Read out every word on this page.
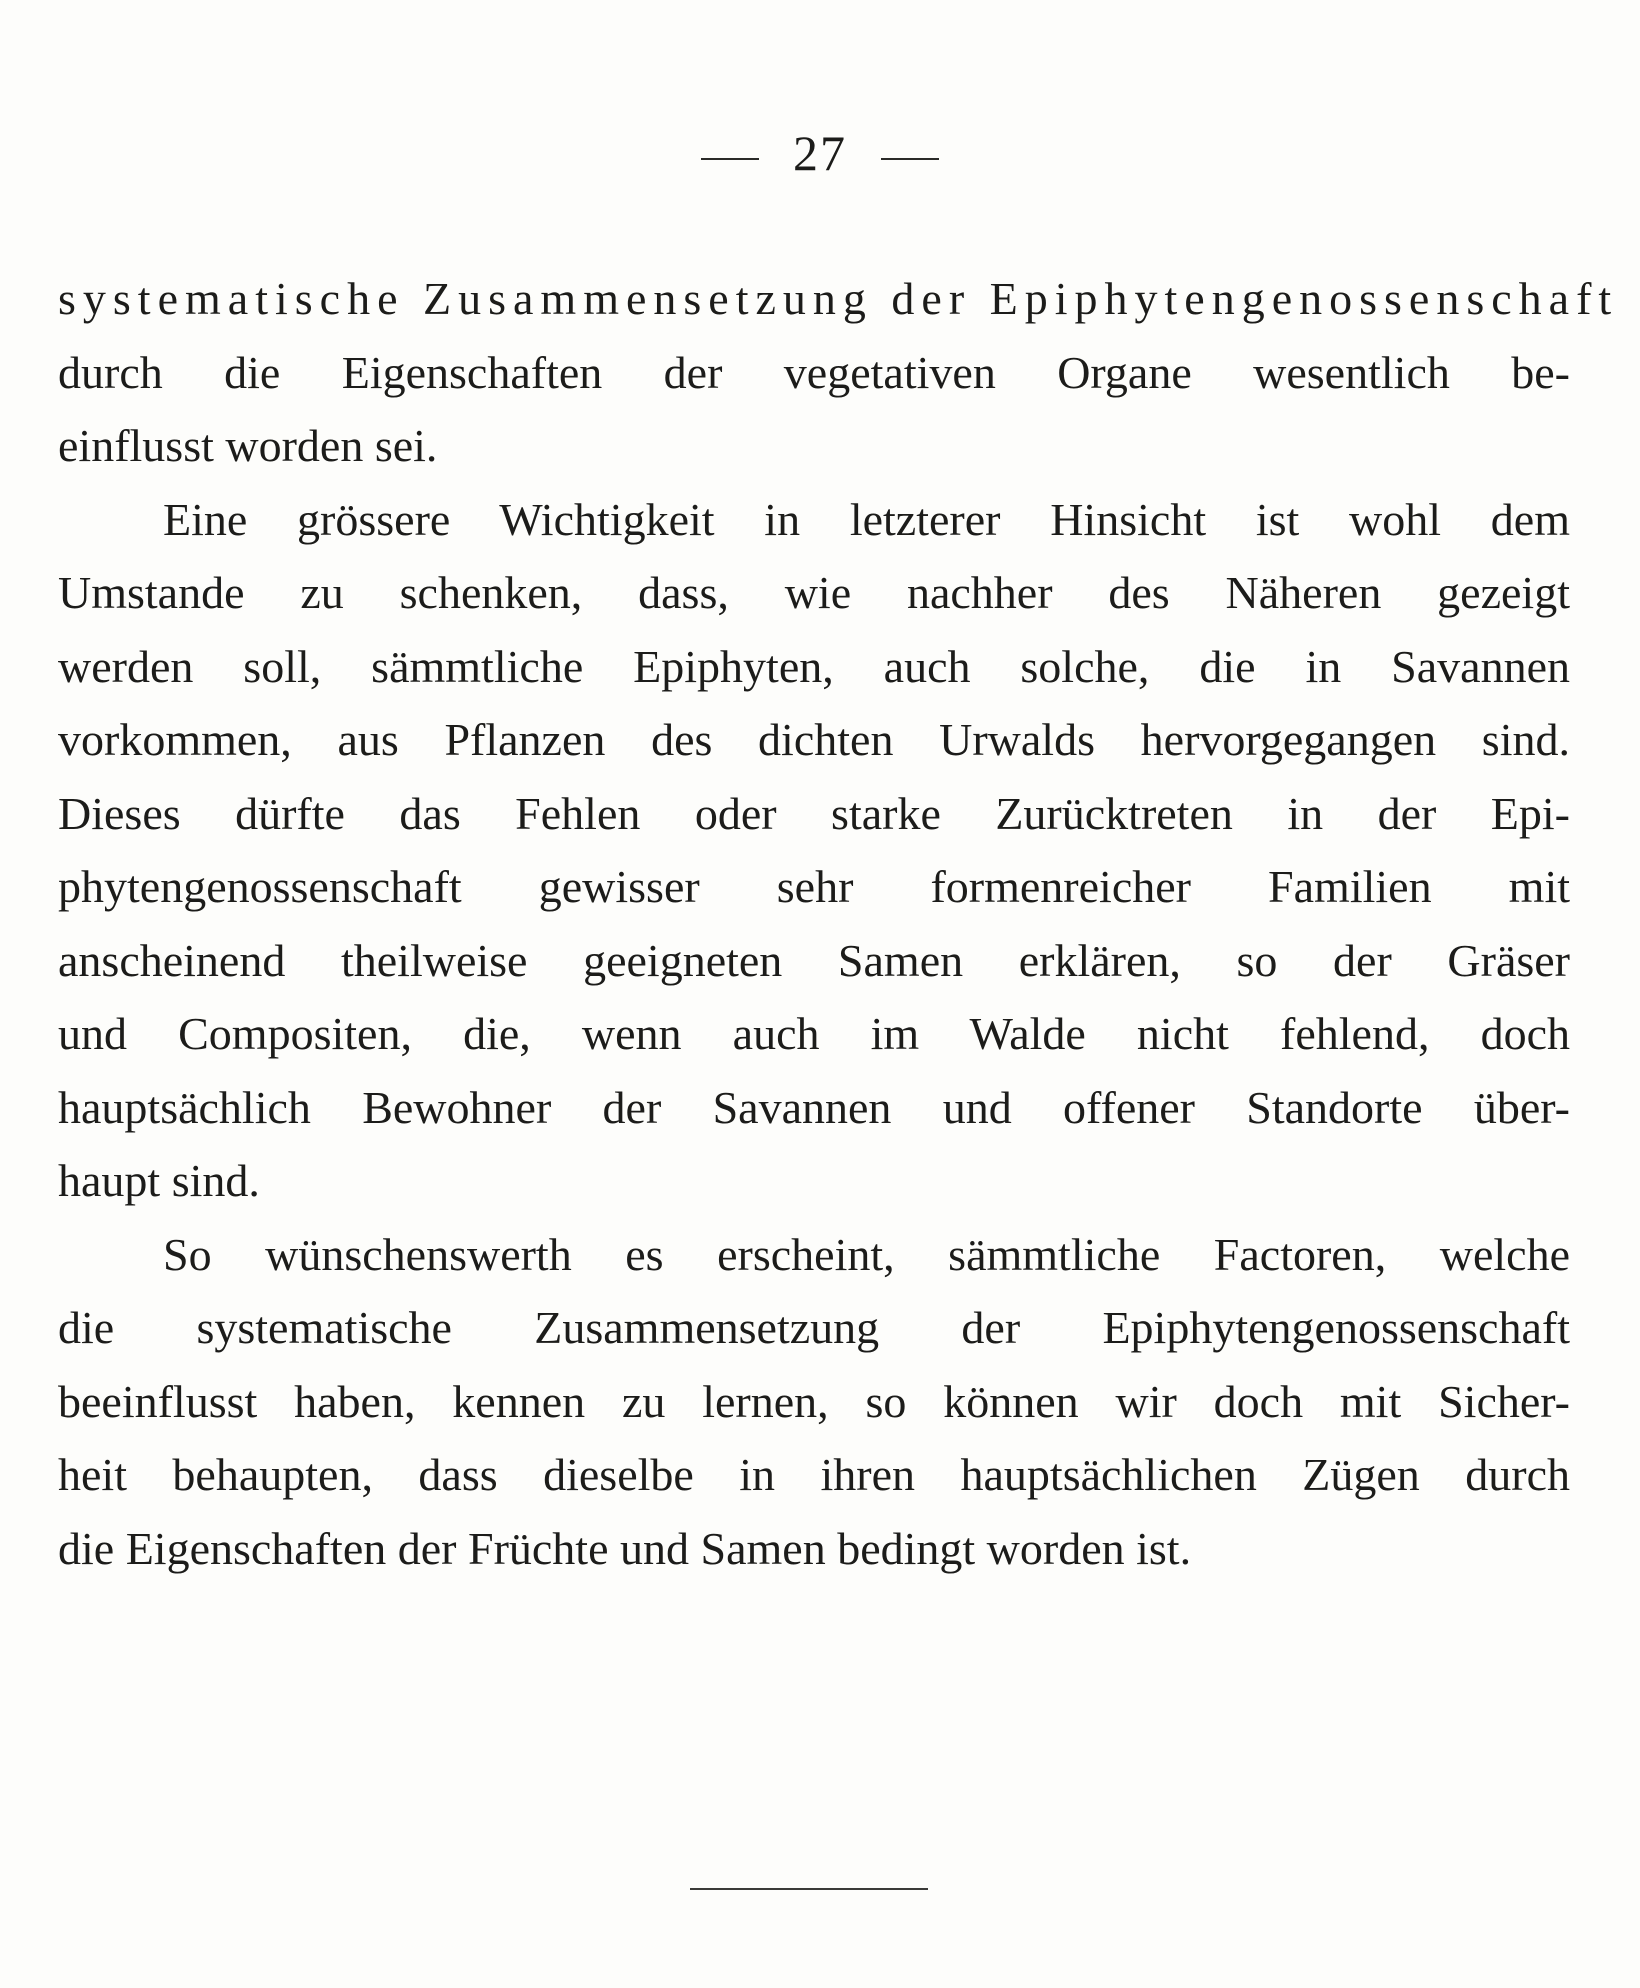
27
systematische Zusammensetzung der Epiphytengenossenschaft
durch die Eigenschaften der vegetativen Organe wesentlich be-
einflusst worden sei.
Eine grössere Wichtigkeit in letzterer Hinsicht ist wohl dem
Umstande zu schenken, dass, wie nachher des Näheren gezeigt
werden soll, sämmtliche Epiphyten, auch solche, die in Savannen
vorkommen, aus Pflanzen des dichten Urwalds hervorgegangen sind.
Dieses dürfte das Fehlen oder starke Zurücktreten in der Epi-
phytengenossenschaft gewisser sehr formenreicher Familien mit
anscheinend theilweise geeigneten Samen erklären, so der Gräser
und Compositen, die, wenn auch im Walde nicht fehlend, doch
hauptsächlich Bewohner der Savannen und offener Standorte über-
haupt sind.
So wünschenswerth es erscheint, sämmtliche Factoren, welche
die systematische Zusammensetzung der Epiphytengenossenschaft
beeinflusst haben, kennen zu lernen, so können wir doch mit Sicher-
heit behaupten, dass dieselbe in ihren hauptsächlichen Zügen durch
die Eigenschaften der Früchte und Samen bedingt worden ist.
